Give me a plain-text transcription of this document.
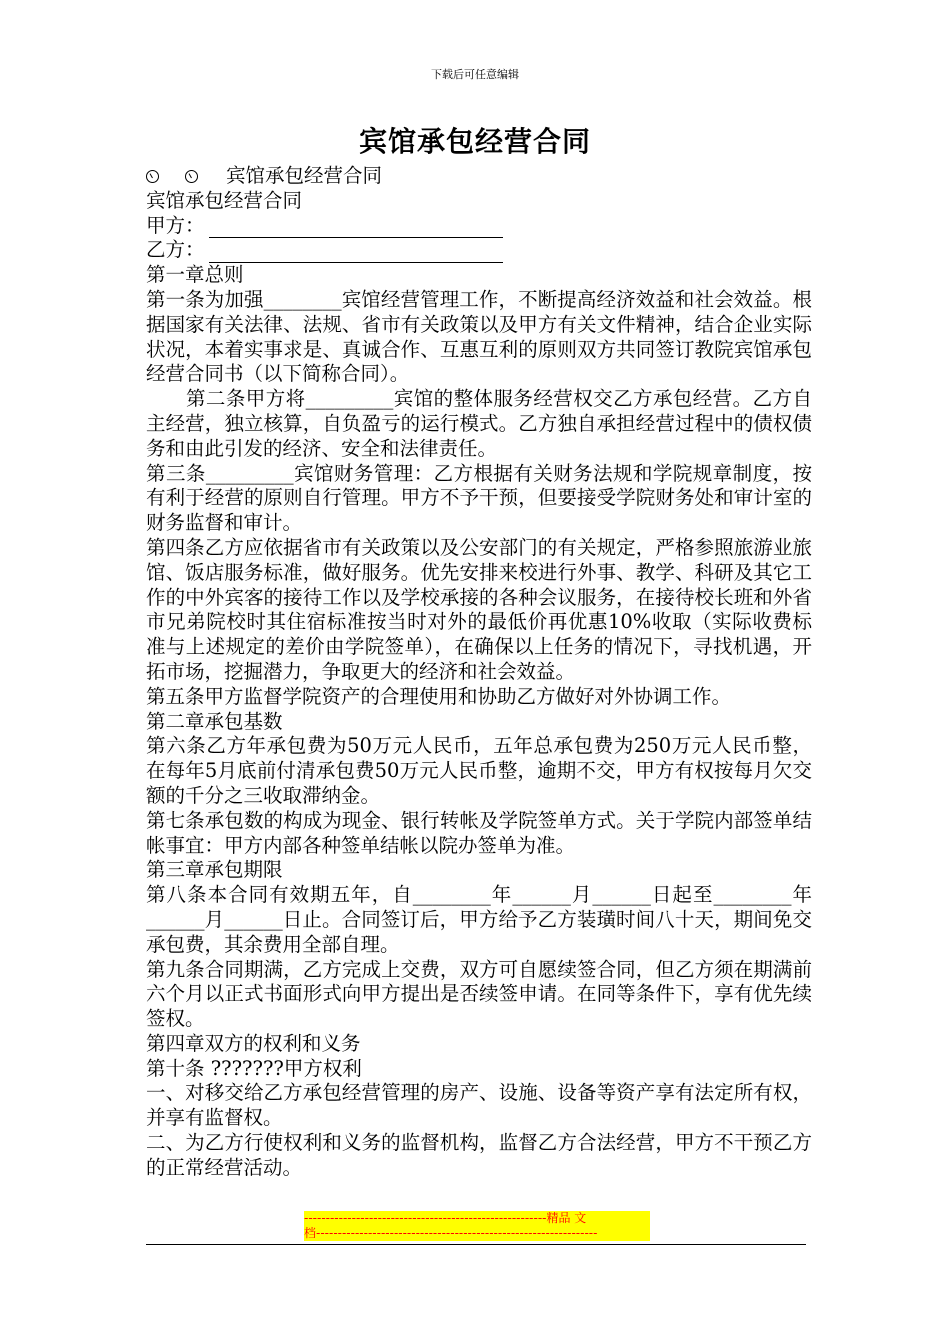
下载后可任意编辑
宾馆承包经营合同

宾馆承包经营合同

宾馆承包经营合同

甲方：

乙方：

第一章总则

第一条为加强________宾馆经营管理工作，不断提高经济效益和社会效益。根据国家有关法律、法规、省市有关政策以及甲方有关文件精神，结合企业实际状况，本着实事求是、真诚合作、互惠互利的原则双方共同签订教院宾馆承包经营合同书（以下简称合同）。

第二条甲方将_________宾馆的整体服务经营权交乙方承包经营。乙方自主经营，独立核算，自负盈亏的运行模式。乙方独自承担经营过程中的债权债务和由此引发的经济、安全和法律责任。

第三条_________宾馆财务管理：乙方根据有关财务法规和学院规章制度，按有利于经营的原则自行管理。甲方不予干预，但要接受学院财务处和审计室的财务监督和审计。

第四条乙方应依据省市有关政策以及公安部门的有关规定，严格参照旅游业旅馆、饭店服务标准，做好服务。优先安排来校进行外事、教学、科研及其它工作的中外宾客的接待工作以及学校承接的各种会议服务，在接待校长班和外省市兄弟院校时其住宿标准按当时对外的最低价再优惠10%收取（实际收费标准与上述规定的差价由学院签单），在确保以上任务的情况下，寻找机遇，开拓市场，挖掘潜力，争取更大的经济和社会效益。

第五条甲方监督学院资产的合理使用和协助乙方做好对外协调工作。

第二章承包基数

第六条乙方年承包费为50万元人民币，五年总承包费为250万元人民币整，在每年5月底前付清承包费50万元人民币整，逾期不交，甲方有权按每月欠交额的千分之三收取滞纳金。

第七条承包数的构成为现金、银行转帐及学院签单方式。关于学院内部签单结帐事宜：甲方内部各种签单结帐以院办签单为准。

第三章承包期限

第八条本合同有效期五年，自________年______月______日起至________年______月______日止。合同签订后，甲方给予乙方装璜时间八十天，期间免交承包费，其余费用全部自理。

第九条合同期满，乙方完成上交费，双方可自愿续签合同，但乙方须在期满前六个月以正式书面形式向甲方提出是否续签申请。在同等条件下，享有优先续签权。

第四章双方的权利和义务

第十条 ???????甲方权利

一、对移交给乙方承包经营管理的房产、设施、设备等资产享有法定所有权，并享有监督权。

二、为乙方行使权利和义务的监督机构，监督乙方合法经营，甲方不干预乙方的正常经营活动。

--------------------------------------------------------精品 文
档-----------------------------------------------------------------
